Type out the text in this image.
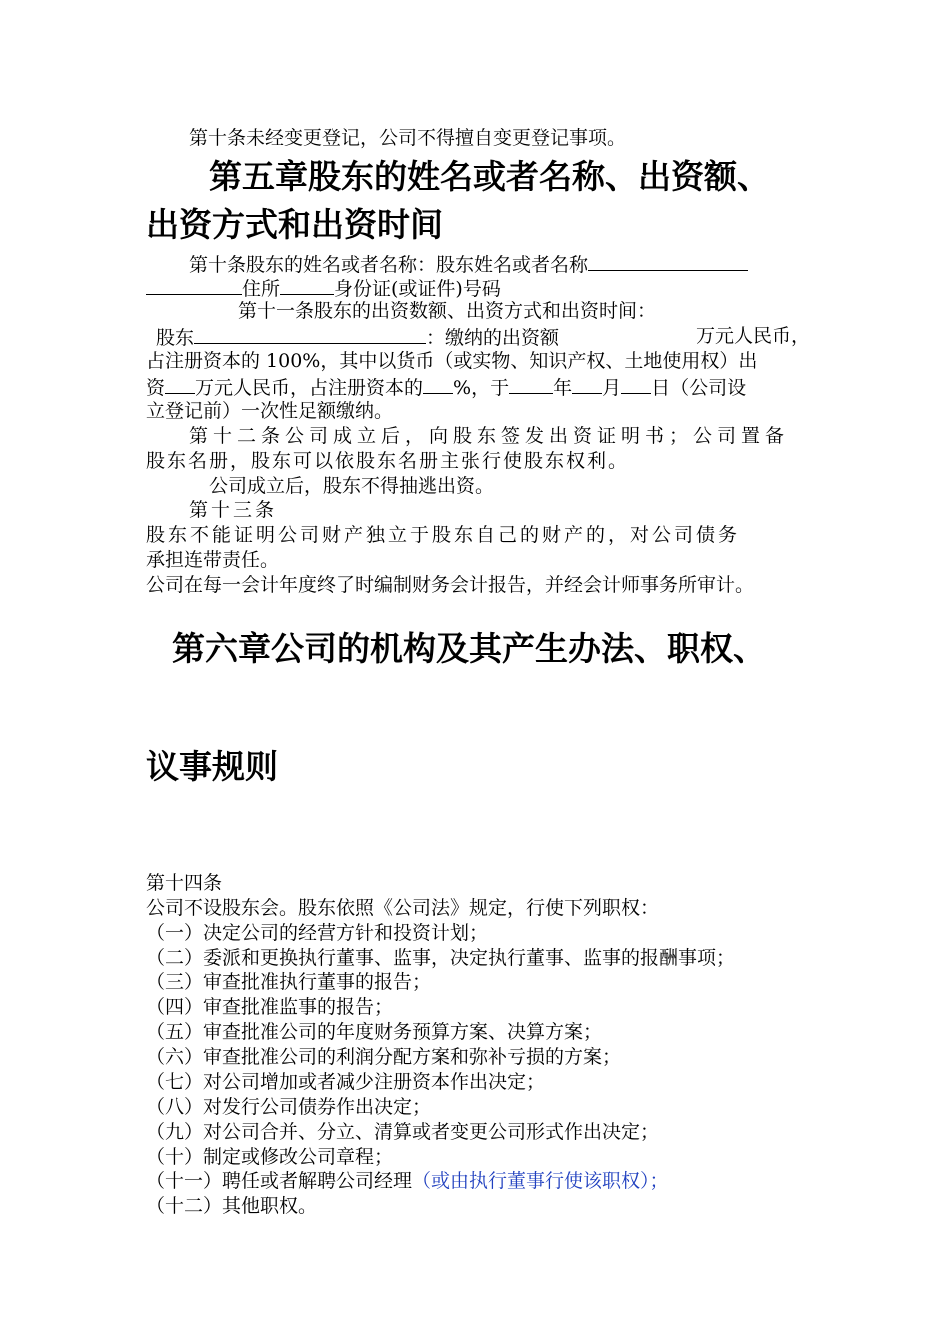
第十条未经变更登记，公司不得擅自变更登记事项。
第五章股东的姓名或者名称、出资额、
出资方式和出资时间
第十条股东的姓名或者名称：股东姓名或者名称
住所	身份证(或证件)号码
第十一条股东的出资数额、出资方式和出资时间：
股东	：缴纳的出资额	万元人民币，
占注册资本的 100%，其中以货币（或实物、知识产权、土地使用权）出
资 万元人民币，占注册资本的 %，于 年 月 日（公司设
立登记前）一次性足额缴纳。
第十二条公司成立后，向股东签发出资证明书；公司置备
股东名册，股东可以依股东名册主张行使股东权利。
公司成立后，股东不得抽逃出资。
第十三条
股东不能证明公司财产独立于股东自己的财产的，对公司债务
承担连带责任。
公司在每一会计年度终了时编制财务会计报告，并经会计师事务所审计。
第六章公司的机构及其产生办法、职权、
议事规则
第十四条
公司不设股东会。股东依照《公司法》规定，行使下列职权：
（一）决定公司的经营方针和投资计划；
（二）委派和更换执行董事、监事，决定执行董事、监事的报酬事项；
（三）审查批准执行董事的报告；
（四）审查批准监事的报告；
（五）审查批准公司的年度财务预算方案、决算方案；
（六）审查批准公司的利润分配方案和弥补亏损的方案；
（七）对公司增加或者减少注册资本作出决定；
（八）对发行公司债券作出决定；
（九）对公司合并、分立、清算或者变更公司形式作出决定；
（十）制定或修改公司章程；
（十一）聘任或者解聘公司经理（或由执行董事行使该职权）；
（十二）其他职权。
